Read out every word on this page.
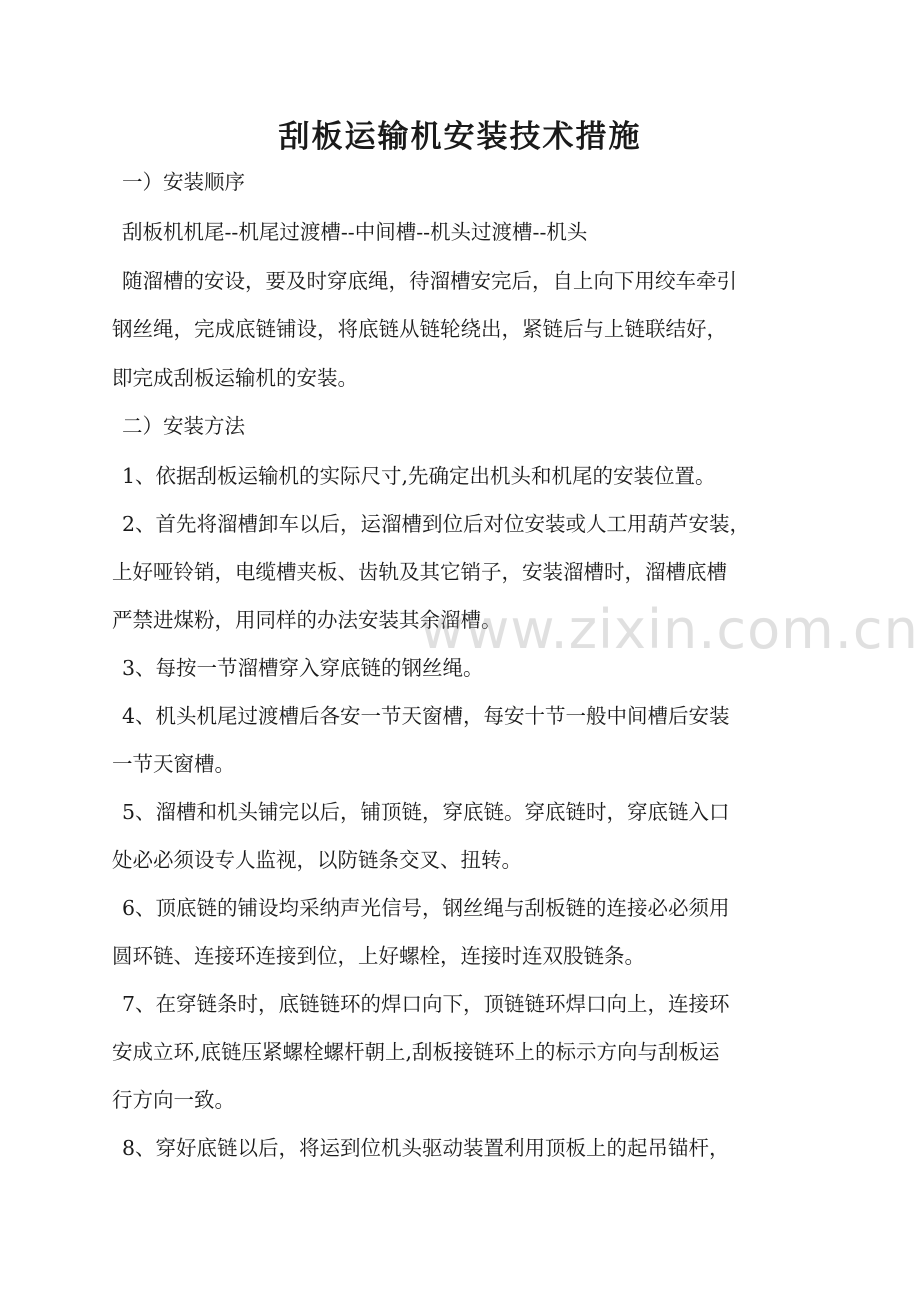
刮板运输机安装技术措施
一）安装顺序
刮板机机尾--机尾过渡槽--中间槽--机头过渡槽--机头
随溜槽的安设，要及时穿底绳，待溜槽安完后，自上向下用绞车牵引
钢丝绳，完成底链铺设，将底链从链轮绕出，紧链后与上链联结好，
即完成刮板运输机的安装。
二）安装方法
1、依据刮板运输机的实际尺寸,先确定出机头和机尾的安装位置。
2、首先将溜槽卸车以后，运溜槽到位后对位安装或人工用葫芦安装，
上好哑铃销，电缆槽夹板、齿轨及其它销子，安装溜槽时，溜槽底槽
严禁进煤粉，用同样的办法安装其余溜槽。
3、每按一节溜槽穿入穿底链的钢丝绳。
4、机头机尾过渡槽后各安一节天窗槽，每安十节一般中间槽后安装
一节天窗槽。
5、溜槽和机头铺完以后，铺顶链，穿底链。穿底链时，穿底链入口
处必必须设专人监视，以防链条交叉、扭转。
6、顶底链的铺设均采纳声光信号，钢丝绳与刮板链的连接必必须用
圆环链、连接环连接到位，上好螺栓，连接时连双股链条。
7、在穿链条时，底链链环的焊口向下，顶链链环焊口向上，连接环
安成立环,底链压紧螺栓螺杆朝上,刮板接链环上的标示方向与刮板运
行方向一致。
8、穿好底链以后，将运到位机头驱动装置利用顶板上的起吊锚杆，
www.zixin.com.cn
